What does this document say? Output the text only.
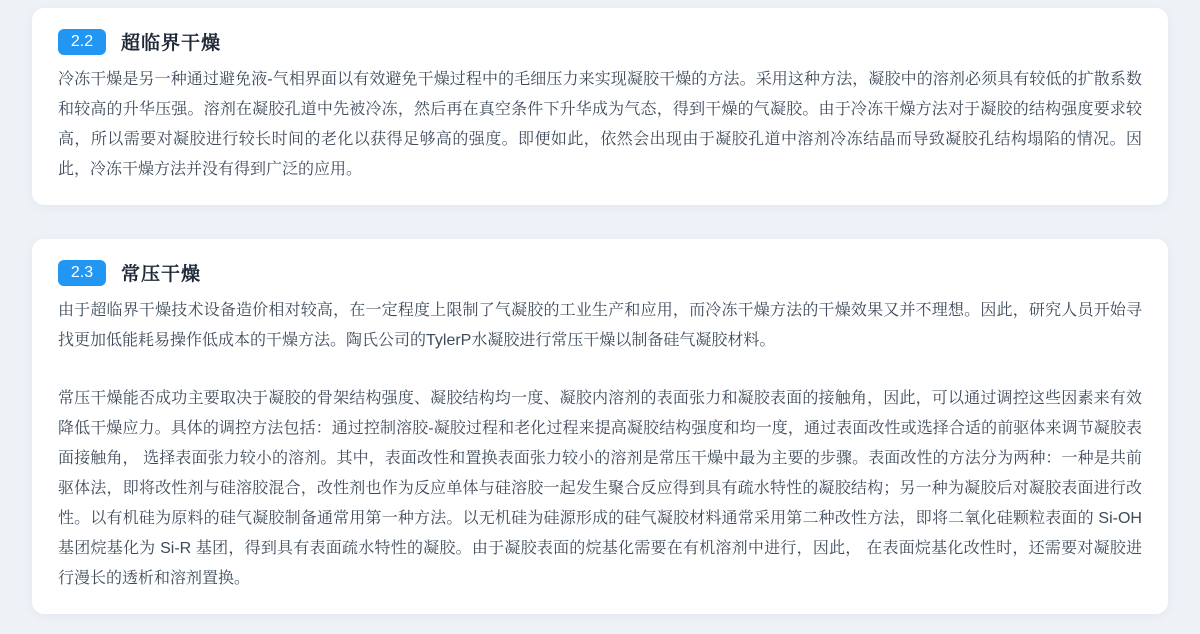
2.2	超临界干燥

冷冻干燥是另一种通过避免液-气相界面以有效避免干燥过程中的毛细压力来实现凝胶干燥的方法。采用这种方法，凝胶中的溶剂必须具有较低的扩散系数和较高的升华压强。溶剂在凝胶孔道中先被冷冻，然后再在真空条件下升华成为气态，得到干燥的气凝胶。由于冷冻干燥方法对于凝胶的结构强度要求较高，所以需要对凝胶进行较长时间的老化以获得足够高的强度。即便如此，依然会出现由于凝胶孔道中溶剂冷冻结晶而导致凝胶孔结构塌陷的情况。因此，冷冻干燥方法并没有得到广泛的应用。

2.3	常压干燥

由于超临界干燥技术设备造价相对较高，在一定程度上限制了气凝胶的工业生产和应用，而冷冻干燥方法的干燥效果又并不理想。因此，研究人员开始寻找更加低能耗易操作低成本的干燥方法。陶氏公司的TylerP水凝胶进行常压干燥以制备硅气凝胶材料。

常压干燥能否成功主要取决于凝胶的骨架结构强度、凝胶结构均一度、凝胶内溶剂的表面张力和凝胶表面的接触角，因此，可以通过调控这些因素来有效降低干燥应力。具体的调控方法包括：通过控制溶胶-凝胶过程和老化过程来提高凝胶结构强度和均一度，通过表面改性或选择合适的前驱体来调节凝胶表面接触角， 选择表面张力较小的溶剂。其中，表面改性和置换表面张力较小的溶剂是常压干燥中最为主要的步骤。表面改性的方法分为两种：一种是共前驱体法，即将改性剂与硅溶胶混合，改性剂也作为反应单体与硅溶胶一起发生聚合反应得到具有疏水特性的凝胶结构；另一种为凝胶后对凝胶表面进行改性。以有机硅为原料的硅气凝胶制备通常用第一种方法。以无机硅为硅源形成的硅气凝胶材料通常采用第二种改性方法，即将二氧化硅颗粒表面的 Si-OH 基团烷基化为 Si-R 基团，得到具有表面疏水特性的凝胶。由于凝胶表面的烷基化需要在有机溶剂中进行，因此， 在表面烷基化改性时，还需要对凝胶进行漫长的透析和溶剂置换。
